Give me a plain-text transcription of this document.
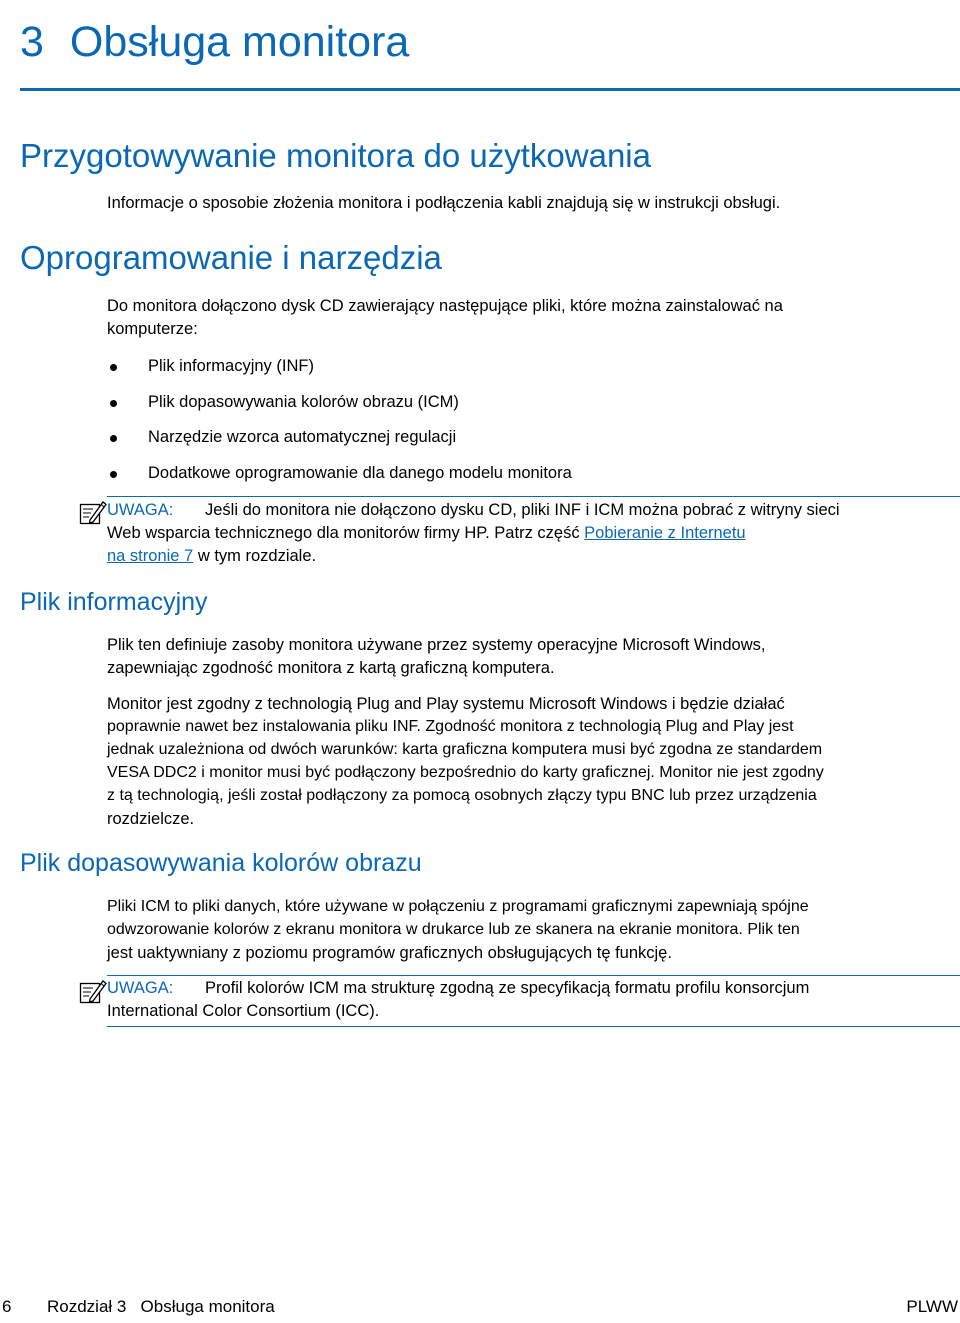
3 Obsługa monitora
Przygotowywanie monitora do użytkowania
Informacje o sposobie złożenia monitora i podłączenia kabli znajdują się w instrukcji obsługi.
Oprogramowanie i narzędzia
Do monitora dołączono dysk CD zawierający następujące pliki, które można zainstalować na
komputerze:
Plik informacyjny (INF)
Plik dopasowywania kolorów obrazu (ICM)
Narzędzie wzorca automatycznej regulacji
Dodatkowe oprogramowanie dla danego modelu monitora
UWAGA: Jeśli do monitora nie dołączono dysku CD, pliki INF i ICM można pobrać z witryny sieci
Web wsparcia technicznego dla monitorów firmy HP. Patrz część Pobieranie z Internetu
na stronie 7 w tym rozdziale.
Plik informacyjny
Plik ten definiuje zasoby monitora używane przez systemy operacyjne Microsoft Windows,
zapewniając zgodność monitora z kartą graficzną komputera.
Monitor jest zgodny z technologią Plug and Play systemu Microsoft Windows i będzie działać
poprawnie nawet bez instalowania pliku INF. Zgodność monitora z technologią Plug and Play jest
jednak uzależniona od dwóch warunków: karta graficzna komputera musi być zgodna ze standardem
VESA DDC2 i monitor musi być podłączony bezpośrednio do karty graficznej. Monitor nie jest zgodny
z tą technologią, jeśli został podłączony za pomocą osobnych złączy typu BNC lub przez urządzenia
rozdzielcze.
Plik dopasowywania kolorów obrazu
Pliki ICM to pliki danych, które używane w połączeniu z programami graficznymi zapewniają spójne
odwzorowanie kolorów z ekranu monitora w drukarce lub ze skanera na ekranie monitora. Plik ten
jest uaktywniany z poziomu programów graficznych obsługujących tę funkcję.
UWAGA: Profil kolorów ICM ma strukturę zgodną ze specyfikacją formatu profilu konsorcjum
International Color Consortium (ICC).
6 Rozdział 3   Obsługa monitora	PLWW
